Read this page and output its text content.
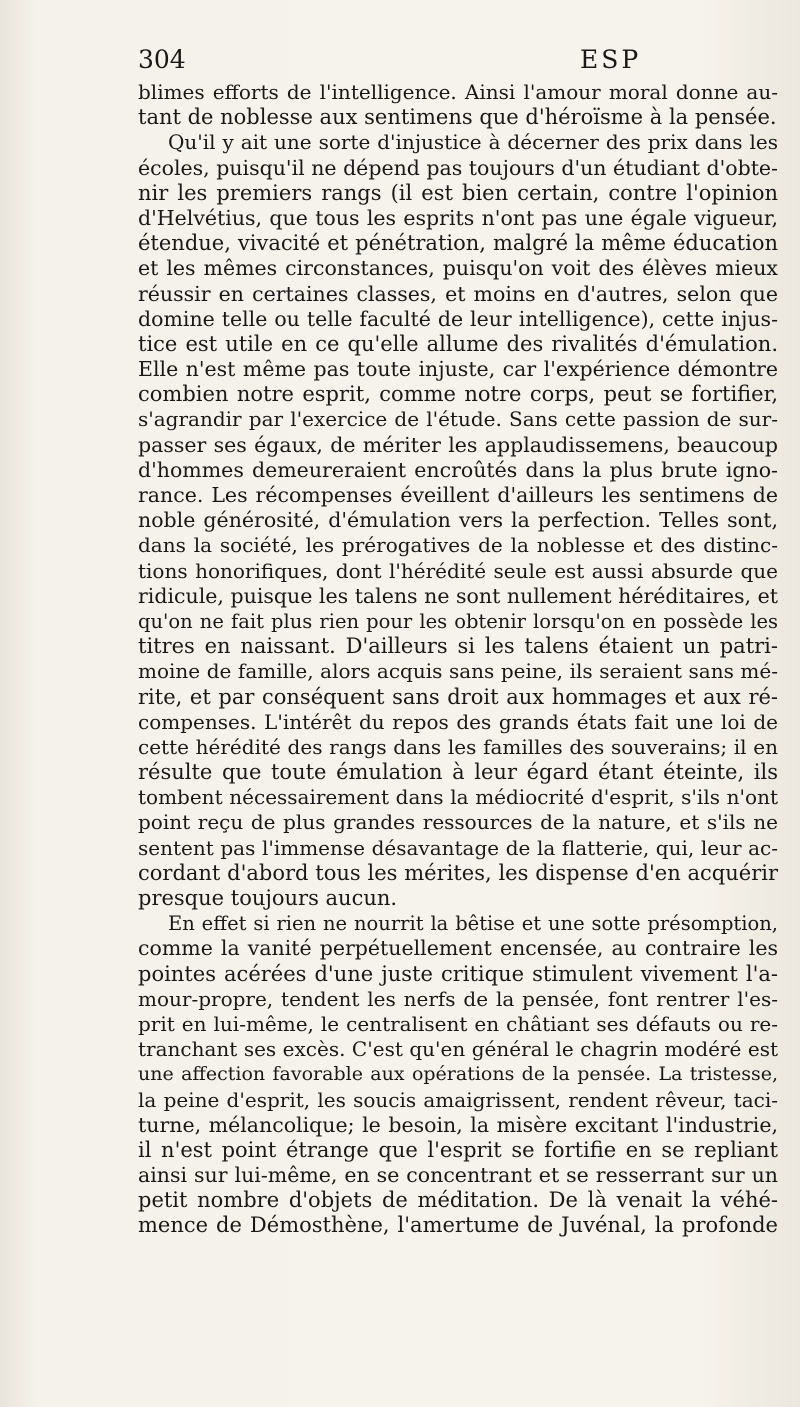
304	ESP
blimes efforts de l'intelligence. Ainsi l'amour moral donne au-
tant de noblesse aux sentimens que d'héroïsme à la pensée.
Qu'il y ait une sorte d'injustice à décerner des prix dans les
écoles, puisqu'il ne dépend pas toujours d'un étudiant d'obte-
nir les premiers rangs (il est bien certain, contre l'opinion
d'Helvétius, que tous les esprits n'ont pas une égale vigueur,
étendue, vivacité et pénétration, malgré la même éducation
et les mêmes circonstances, puisqu'on voit des élèves mieux
réussir en certaines classes, et moins en d'autres, selon que
domine telle ou telle faculté de leur intelligence), cette injus-
tice est utile en ce qu'elle allume des rivalités d'émulation.
Elle n'est même pas toute injuste, car l'expérience démontre
combien notre esprit, comme notre corps, peut se fortifier,
s'agrandir par l'exercice de l'étude. Sans cette passion de sur-
passer ses égaux, de mériter les applaudissemens, beaucoup
d'hommes demeureraient encroûtés dans la plus brute igno-
rance. Les récompenses éveillent d'ailleurs les sentimens de
noble générosité, d'émulation vers la perfection. Telles sont,
dans la société, les prérogatives de la noblesse et des distinc-
tions honorifiques, dont l'hérédité seule est aussi absurde que
ridicule, puisque les talens ne sont nullement héréditaires, et
qu'on ne fait plus rien pour les obtenir lorsqu'on en possède les
titres en naissant. D'ailleurs si les talens étaient un patri-
moine de famille, alors acquis sans peine, ils seraient sans mé-
rite, et par conséquent sans droit aux hommages et aux ré-
compenses. L'intérêt du repos des grands états fait une loi de
cette hérédité des rangs dans les familles des souverains; il en
résulte que toute émulation à leur égard étant éteinte, ils
tombent nécessairement dans la médiocrité d'esprit, s'ils n'ont
point reçu de plus grandes ressources de la nature, et s'ils ne
sentent pas l'immense désavantage de la flatterie, qui, leur ac-
cordant d'abord tous les mérites, les dispense d'en acquérir
presque toujours aucun.
En effet si rien ne nourrit la bêtise et une sotte présomption,
comme la vanité perpétuellement encensée, au contraire les
pointes acérées d'une juste critique stimulent vivement l'a-
mour-propre, tendent les nerfs de la pensée, font rentrer l'es-
prit en lui-même, le centralisent en châtiant ses défauts ou re-
tranchant ses excès. C'est qu'en général le chagrin modéré est
une affection favorable aux opérations de la pensée. La tristesse,
la peine d'esprit, les soucis amaigrissent, rendent rêveur, taci-
turne, mélancolique; le besoin, la misère excitant l'industrie,
il n'est point étrange que l'esprit se fortifie en se repliant
ainsi sur lui-même, en se concentrant et se resserrant sur un
petit nombre d'objets de méditation. De là venait la véhé-
mence de Démosthène, l'amertume de Juvénal, la profonde
